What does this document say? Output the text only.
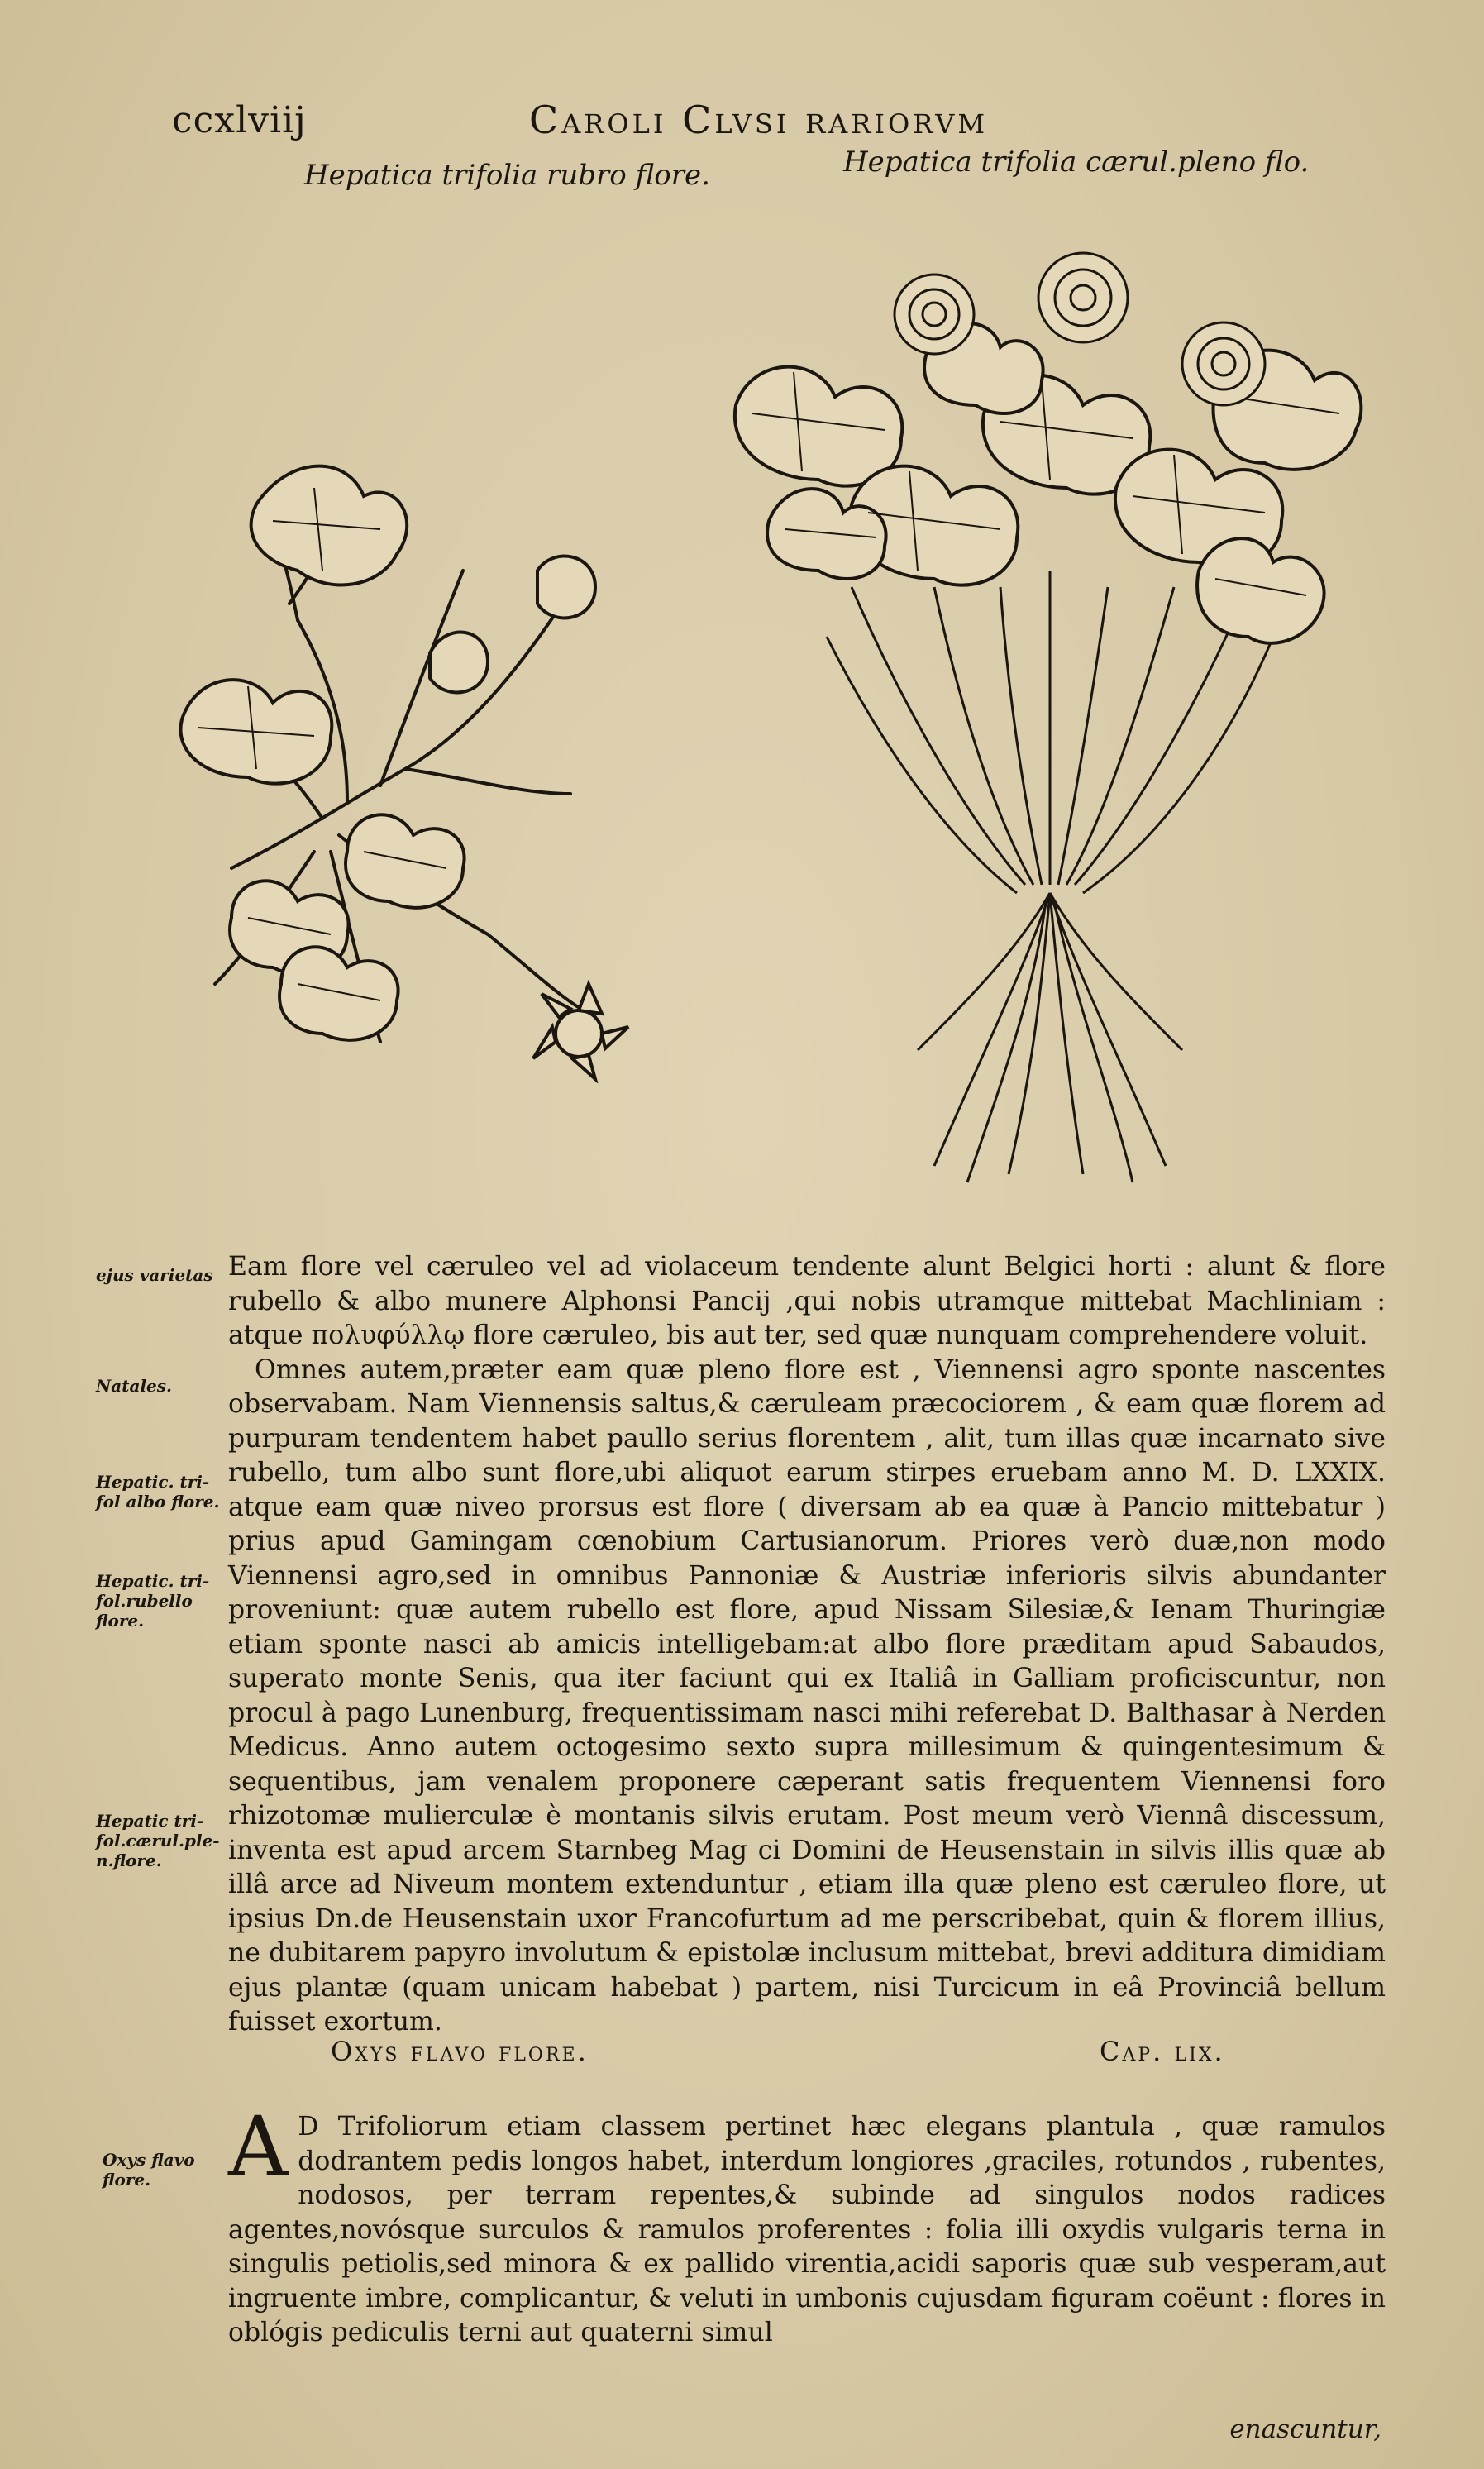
ccxlviij	Caroli Clvsi rariorvm
Hepatica trifolia rubro flore.	Hepatica trifolia cærul.pleno flo.
ejus varietas
Natales.
Hepatic. tri-fol albo flore.
Hepatic. tri-fol.rubello flore.
Hepatic tri-fol.cærul.ple-n.flore.

Eam flore vel cæruleo vel ad violaceum tendente alunt Belgici horti : alunt & flore rubello & albo munere Alphonsi Pancij ,qui nobis utramque mittebat Machliniam : atque πολυφύλλῳ flore cæruleo, bis aut ter, sed quæ nunquam comprehendere voluit.

Omnes autem,præter eam quæ pleno flore est , Viennensi agro sponte nascentes observabam. Nam Viennensis saltus,& cæruleam præcociorem , & eam quæ florem ad purpuram tendentem habet paullo serius florentem , alit, tum illas quæ incarnato sive rubello, tum albo sunt flore,ubi aliquot earum stirpes eruebam anno M. D. LXXIX. atque eam quæ niveo prorsus est flore ( diversam ab ea quæ à Pancio mittebatur ) prius apud Gamingam cœnobium Cartusianorum. Priores verò duæ,non modo Viennensi agro,sed in omnibus Pannoniæ & Austriæ inferioris silvis abundanter proveniunt: quæ autem rubello est flore, apud Nissam Silesiæ,& Ienam Thuringiæ etiam sponte nasci ab amicis intelligebam:at albo flore præditam apud Sabaudos, superato monte Senis, qua iter faciunt qui ex Italiâ in Galliam proficiscuntur, non procul à pago Lunenburg, frequentissimam nasci mihi referebat D. Balthasar à Nerden Medicus. Anno autem octogesimo sexto supra millesimum & quingentesimum & sequentibus, jam venalem proponere cæperant satis frequentem Viennensi foro rhizotomæ mulierculæ è montanis silvis erutam. Post meum verò Viennâ discessum, inventa est apud arcem Starnbeg Mag ci Domini de Heusenstain in silvis illis quæ ab illâ arce ad Niveum montem extenduntur , etiam illa quæ pleno est cæruleo flore, ut ipsius Dn.de Heusenstain uxor Francofurtum ad me perscribebat, quin & florem illius, ne dubitarem papyro involutum & epistolæ inclusum mittebat, brevi additura dimidiam ejus plantæ (quam unicam habebat ) partem, nisi Turcicum in eâ Provinciâ bellum fuisset exortum.

Oxys flavo flore.	Cap. lix.
Oxys flavo flore. A D Trifoliorum etiam classem pertinet hæc elegans plantula , quæ ramulos dodrantem pedis longos habet, interdum longiores ,graciles, rotundos , rubentes, nodosos, per terram repentes,& subinde ad singulos nodos radices agentes,novósque surculos & ramulos proferentes : folia illi oxydis vulgaris terna in singulis petiolis,sed minora & ex pallido virentia,acidi saporis quæ sub vesperam,aut ingruente imbre, complicantur, & veluti in umbonis cujusdam figuram coëunt : flores in oblógis pediculis terni aut quaterni simul

enascuntur,
